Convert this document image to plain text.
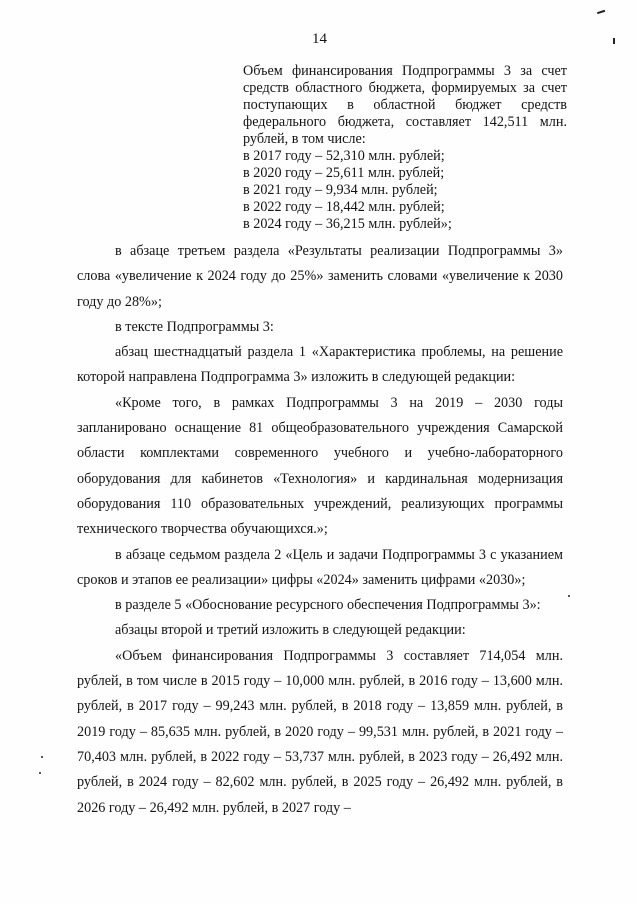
14

Объем финансирования Подпрограммы 3 за счет средств областного бюджета, формируемых за счет поступающих в областной бюджет средств федерального бюджета, составляет 142,511 млн. рублей, в том числе:

в 2017 году – 52,310 млн. рублей;
в 2020 году – 25,611 млн. рублей;
в 2021 году – 9,934 млн. рублей;
в 2022 году – 18,442 млн. рублей;
в 2024 году – 36,215 млн. рублей»;

в абзаце третьем раздела «Результаты реализации Подпрограммы 3» слова «увеличение к 2024 году до 25%» заменить словами «увеличение к 2030 году до 28%»;

в тексте Подпрограммы 3:

абзац шестнадцатый раздела 1 «Характеристика проблемы, на решение которой направлена Подпрограмма 3» изложить в следующей редакции:

«Кроме того, в рамках Подпрограммы 3 на 2019 – 2030 годы запланировано оснащение 81 общеобразовательного учреждения Самарской области комплектами современного учебного и учебно-лабораторного оборудования для кабинетов «Технология» и кардинальная модернизация оборудования 110 образовательных учреждений, реализующих программы технического творчества обучающихся.»;

в абзаце седьмом раздела 2 «Цель и задачи Подпрограммы 3 с указанием сроков и этапов ее реализации» цифры «2024» заменить цифрами «2030»;

в разделе 5 «Обоснование ресурсного обеспечения Подпрограммы 3»:

абзацы второй и третий изложить в следующей редакции:

«Объем финансирования Подпрограммы 3 составляет 714,054 млн. рублей, в том числе в 2015 году – 10,000 млн. рублей, в 2016 году – 13,600 млн. рублей, в 2017 году – 99,243 млн. рублей, в 2018 году – 13,859 млн. рублей, в 2019 году – 85,635 млн. рублей, в 2020 году – 99,531 млн. рублей, в 2021 году – 70,403 млн. рублей, в 2022 году – 53,737 млн. рублей, в 2023 году – 26,492 млн. рублей, в 2024 году – 82,602 млн. рублей, в 2025 году – 26,492 млн. рублей, в 2026 году – 26,492 млн. рублей, в 2027 году –
